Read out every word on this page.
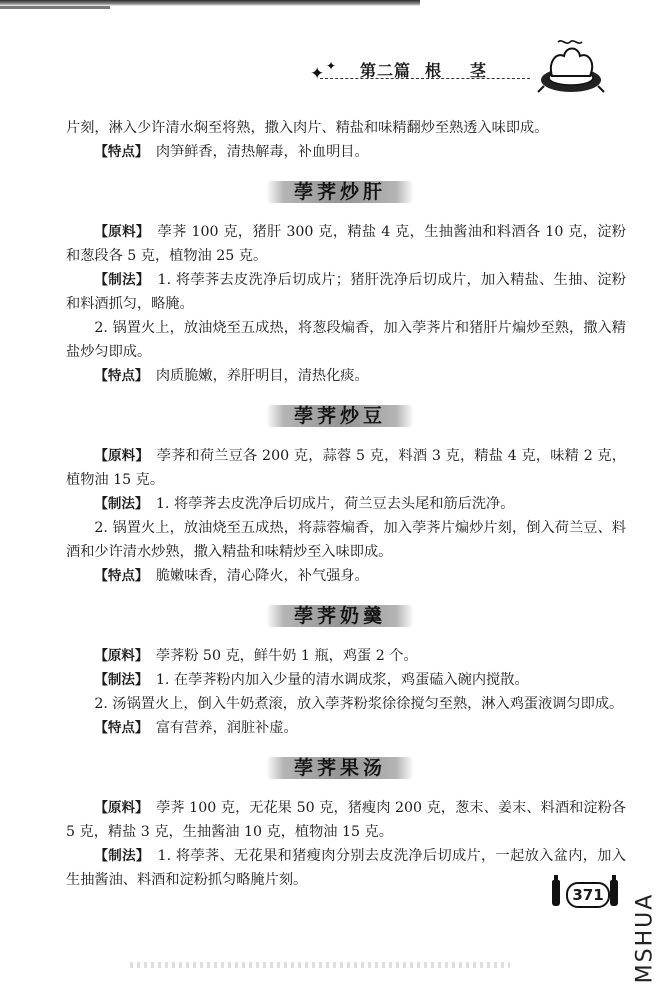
✦ ✦ 第二篇 根 茎

片刻，淋入少许清水焖至将熟，撒入肉片、精盐和味精翻炒至熟透入味即成。

【特点】　 肉笋鲜香，清热解毒，补血明目。

荸荠炒肝

【原料】　 荸荠 100 克，猪肝 300 克，精盐 4 克，生抽酱油和料酒各 10 克，淀粉和葱段各 5 克，植物油 25 克。

【制法】　 1. 将荸荠去皮洗净后切成片；猪肝洗净后切成片，加入精盐、生抽、淀粉和料酒抓匀，略腌。

2. 锅置火上，放油烧至五成热，将葱段煸香，加入荸荠片和猪肝片煸炒至熟，撒入精盐炒匀即成。

【特点】　 肉质脆嫩，养肝明目，清热化痰。

荸荠炒豆

【原料】　 荸荠和荷兰豆各 200 克，蒜蓉 5 克，料酒 3 克，精盐 4 克，味精 2 克，植物油 15 克。

【制法】　 1. 将荸荠去皮洗净后切成片，荷兰豆去头尾和筋后洗净。

2. 锅置火上，放油烧至五成热，将蒜蓉煸香，加入荸荠片煸炒片刻，倒入荷兰豆、料酒和少许清水炒熟，撒入精盐和味精炒至入味即成。

【特点】　 脆嫩味香，清心降火，补气强身。

荸荠奶羹

【原料】　 荸荠粉 50 克，鲜牛奶 1 瓶，鸡蛋 2 个。

【制法】　 1. 在荸荠粉内加入少量的清水调成浆，鸡蛋磕入碗内搅散。

2. 汤锅置火上，倒入牛奶煮滚，放入荸荠粉浆徐徐搅匀至熟，淋入鸡蛋液调匀即成。

【特点】　 富有营养，润脏补虚。

荸荠果汤

【原料】　 荸荠 100 克，无花果 50 克，猪瘦肉 200 克，葱末、姜末、料酒和淀粉各 5 克，精盐 3 克，生抽酱油 10 克，植物油 15 克。

【制法】　 1. 将荸荠、无花果和猪瘦肉分别去皮洗净后切成片，一起放入盆内，加入生抽酱油、料酒和淀粉抓匀略腌片刻。

371 MSHUA
